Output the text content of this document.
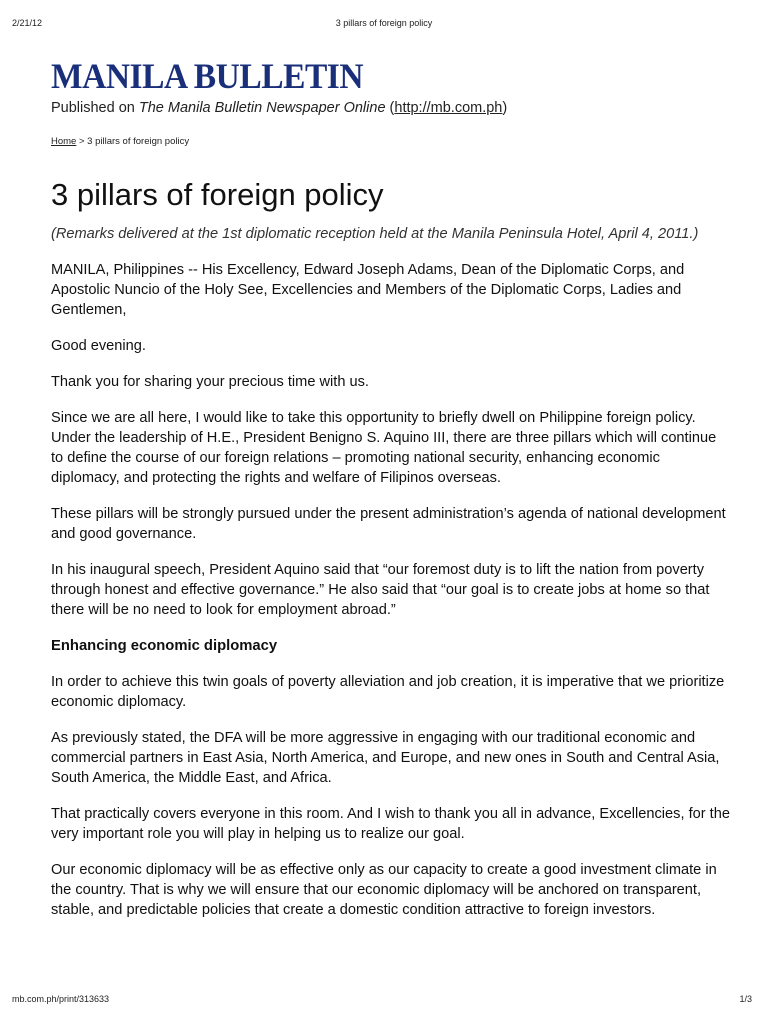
2/21/12	3 pillars of foreign policy
MANILA BULLETIN
Published on The Manila Bulletin Newspaper Online (http://mb.com.ph)
Home > 3 pillars of foreign policy
3 pillars of foreign policy

(Remarks delivered at the 1st diplomatic reception held at the Manila Peninsula Hotel, April 4, 2011.)

MANILA, Philippines -- His Excellency, Edward Joseph Adams, Dean of the Diplomatic Corps, and Apostolic Nuncio of the Holy See, Excellencies and Members of the Diplomatic Corps, Ladies and Gentlemen,

Good evening.

Thank you for sharing your precious time with us.

Since we are all here, I would like to take this opportunity to briefly dwell on Philippine foreign policy. Under the leadership of H.E., President Benigno S. Aquino III, there are three pillars which will continue to define the course of our foreign relations – promoting national security, enhancing economic diplomacy, and protecting the rights and welfare of Filipinos overseas.

These pillars will be strongly pursued under the present administration’s agenda of national development and good governance.

In his inaugural speech, President Aquino said that “our foremost duty is to lift the nation from poverty through honest and effective governance.” He also said that “our goal is to create jobs at home so that there will be no need to look for employment abroad.”

Enhancing economic diplomacy

In order to achieve this twin goals of poverty alleviation and job creation, it is imperative that we prioritize economic diplomacy.

As previously stated, the DFA will be more aggressive in engaging with our traditional economic and commercial partners in East Asia, North America, and Europe, and new ones in South and Central Asia, South America, the Middle East, and Africa.

That practically covers everyone in this room. And I wish to thank you all in advance, Excellencies, for the very important role you will play in helping us to realize our goal.

Our economic diplomacy will be as effective only as our capacity to create a good investment climate in the country. That is why we will ensure that our economic diplomacy will be anchored on transparent, stable, and predictable policies that create a domestic condition attractive to foreign investors.

mb.com.ph/print/313633	1/3
